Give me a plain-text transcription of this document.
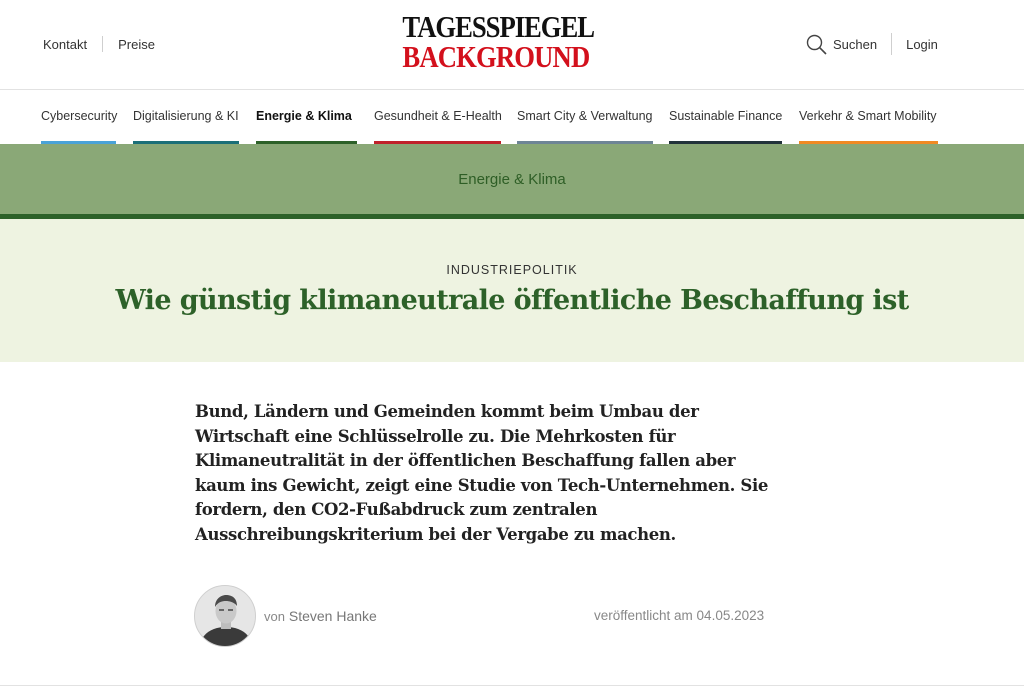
Kontakt Preise	TAGESSPIEGEL
BACKGROUND	Suchen Login
Cybersecurity Digitalisierung & KI Energie & Klima Gesundheit & E-Health Smart City & Verwaltung Sustainable Finance Verkehr & Smart Mobility
Energie & Klima
INDUSTRIEPOLITIK
Wie günstig klimaneutrale öffentliche Beschaffung ist

Bund, Ländern und Gemeinden kommt beim Umbau der Wirtschaft eine Schlüsselrolle zu. Die Mehrkosten für Klimaneutralität in der öffentlichen Beschaffung fallen aber kaum ins Gewicht, zeigt eine Studie von Tech-Unternehmen. Sie fordern, den CO2-Fußabdruck zum zentralen Ausschreibungskriterium bei der Vergabe zu machen.

von Steven Hanke	veröffentlicht am 04.05.2023
